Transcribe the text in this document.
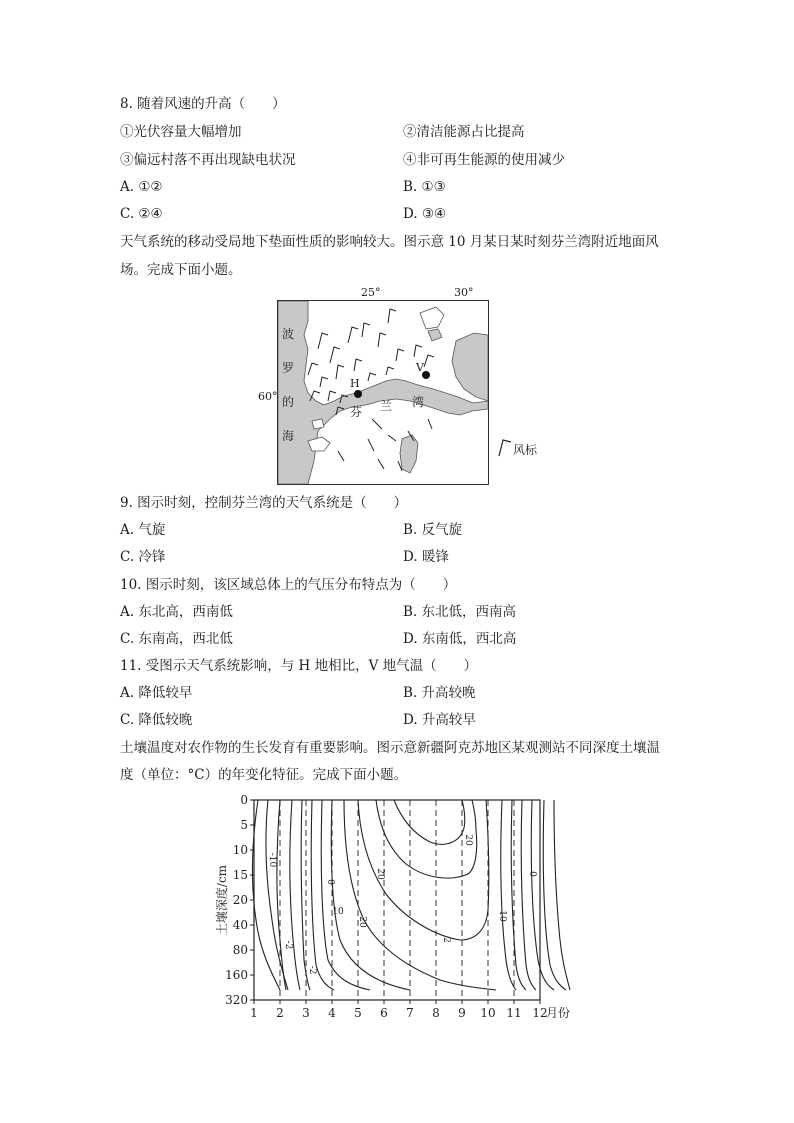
8. 随着风速的升高（　　）
①光伏容量大幅增加	②清洁能源占比提高
③偏远村落不再出现缺电状况	④非可再生能源的使用减少
A. ①②	B. ①③
C. ②④	D. ③④
天气系统的移动受局地下垫面性质的影响较大。图示意 10 月某日某时刻芬兰湾附近地面风
场。完成下面小题。
25°	30°
60°
H
V
波
罗
的
海
芬 兰 湾
风标
9. 图示时刻，控制芬兰湾的天气系统是（　　）
A. 气旋	B. 反气旋
C. 冷锋	D. 暖锋
10. 图示时刻，该区域总体上的气压分布特点为（　　）
A. 东北高，西南低	B. 东北低，西南高
C. 东南高，西北低	D. 东南低，西北高
11. 受图示天气系统影响，与 H 地相比，V 地气温（　　）
A. 降低较早	B. 升高较晚
C. 降低较晚	D. 升高较早
土壤温度对农作物的生长发育有重要影响。图示意新疆阿克苏地区某观测站不同深度土壤温
度（单位：°C）的年变化特征。完成下面小题。
1 2 3 4 5 6 7 8 9 10 11 12
月份
0
5
10
15
20
40
80
160
320
土壤深度/cm
-10
-2
0
-2
10
20
20
2
20
10
0
